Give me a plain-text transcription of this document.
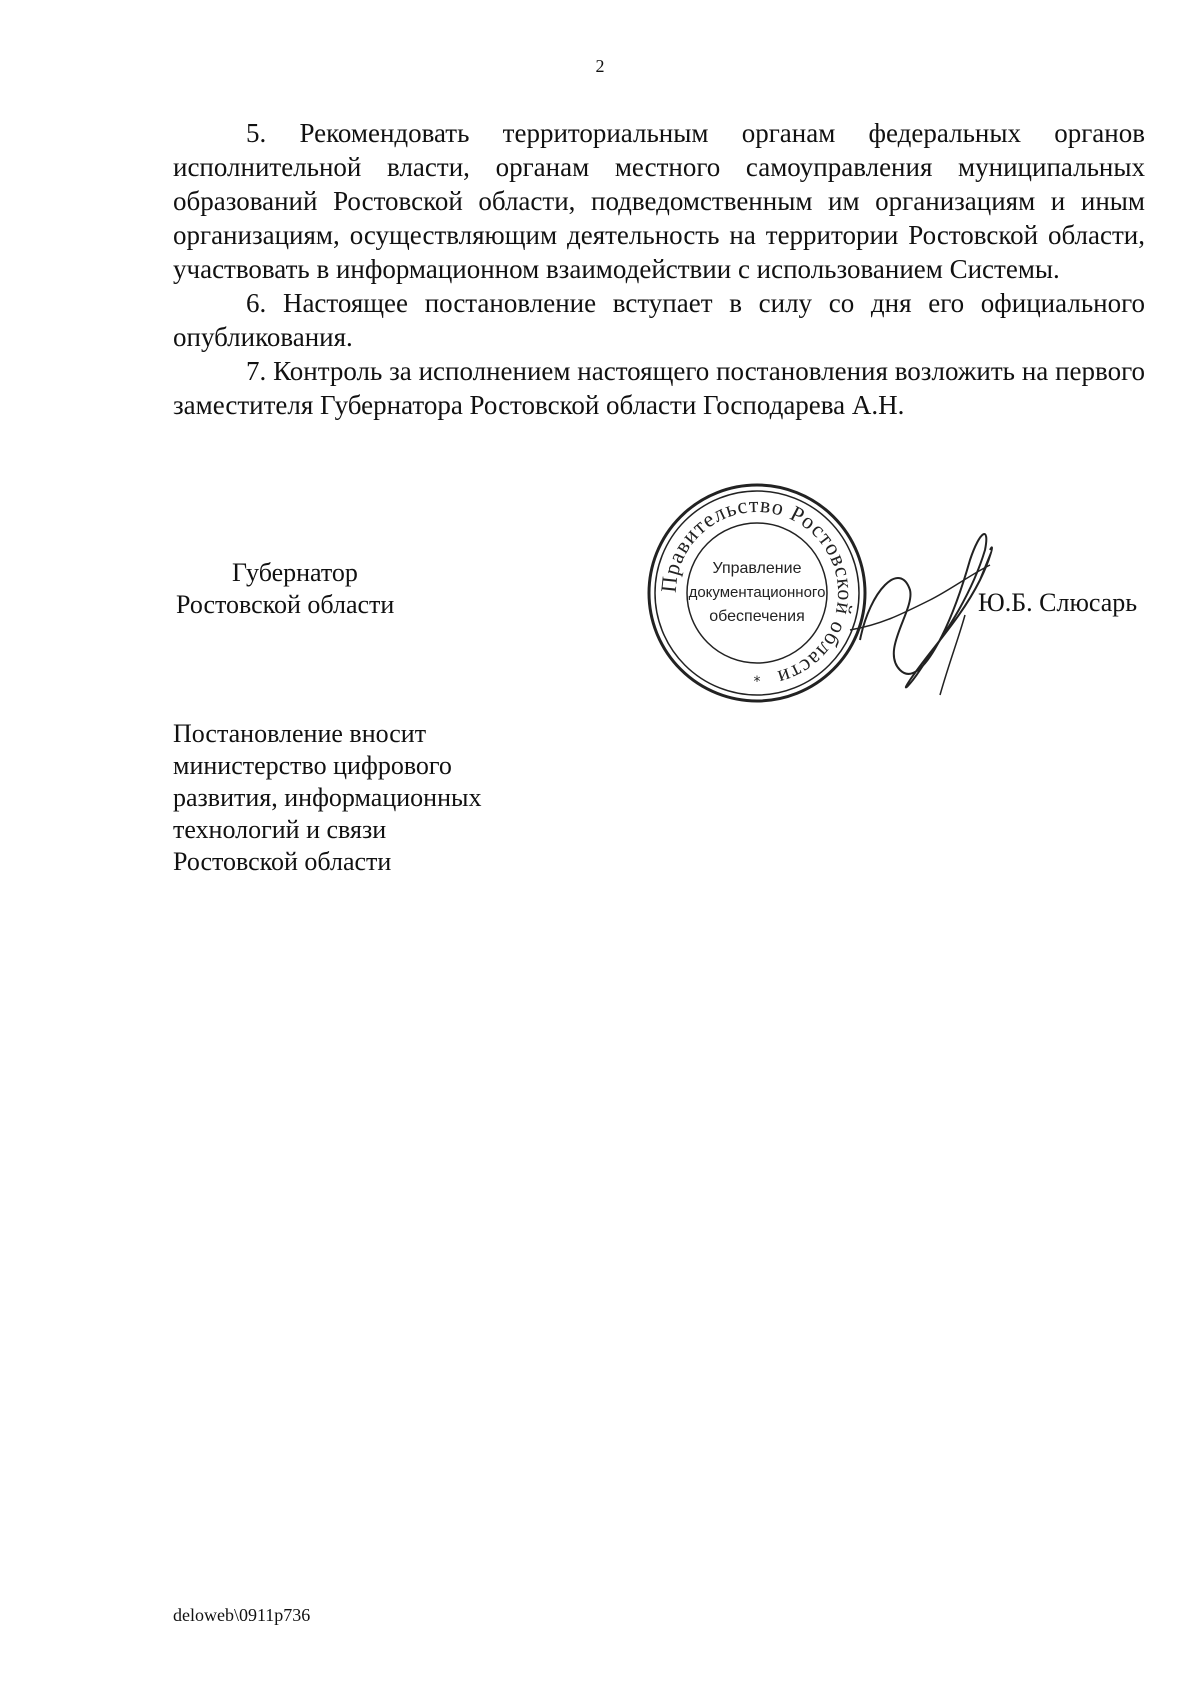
2

5. Рекомендовать территориальным органам федеральных органов исполнительной власти, органам местного самоуправления муниципальных образований Ростовской области, подведомственным им организациям и иным организациям, осуществляющим деятельность на территории Ростовской области, участвовать в информационном взаимодействии с использованием Системы.

6. Настоящее постановление вступает в силу со дня его официального опубликования.

7. Контроль за исполнением настоящего постановления возложить на первого заместителя Губернатора Ростовской области Господарева А.Н.

Губернатор
Ростовской области
Правительство Ростовской области
Управление
документационного
обеспечения
*
Ю.Б. Слюсарь
Постановление вносит
министерство цифрового
развития, информационных
технологий и связи
Ростовской области
deloweb\0911p736
